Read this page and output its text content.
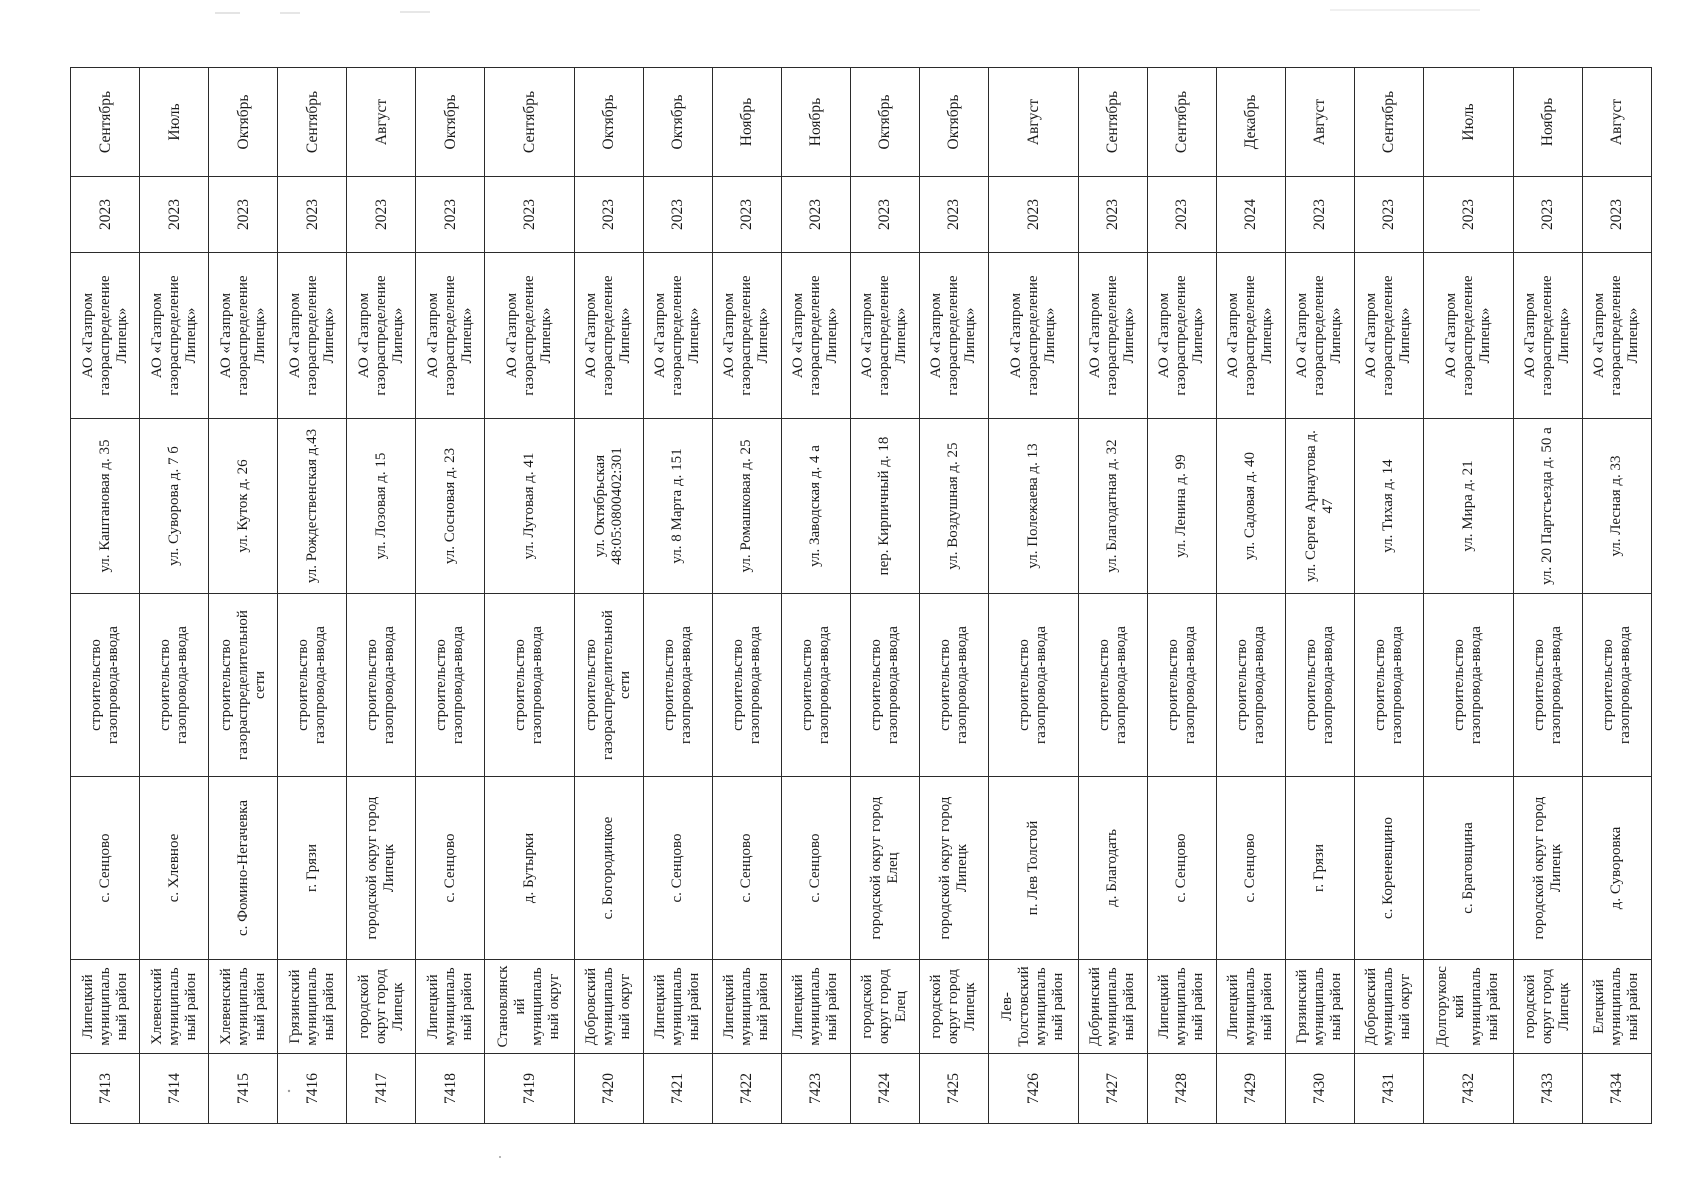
7413	Липецкий муниципальный район	с. Сенцово	строительство газопровода-ввода	ул. Каштановая д. 35	АО «Газпром газораспределение Липецк»	2023	Сентябрь
7414	Хлевенский муниципальный район	с. Хлевное	строительство газопровода-ввода	ул. Суворова д. 7 б	АО «Газпром газораспределение Липецк»	2023	Июль
7415	Хлевенский муниципальный район	с. Фомино-Негачевка	строительство газораспределительной сети	ул. Куток д. 26	АО «Газпром газораспределение Липецк»	2023	Октябрь
7416	Грязинский муниципальный район	г. Грязи	строительство газопровода-ввода	ул. Рождественская д.43	АО «Газпром газораспределение Липецк»	2023	Сентябрь
7417	городской округ город Липецк	городской округ город Липецк	строительство газопровода-ввода	ул. Лозовая д. 15	АО «Газпром газораспределение Липецк»	2023	Август
7418	Липецкий муниципальный район	с. Сенцово	строительство газопровода-ввода	ул. Сосновая д. 23	АО «Газпром газораспределение Липецк»	2023	Октябрь
7419	Становлянский муниципальный округ	д. Бутырки	строительство газопровода-ввода	ул. Луговая д. 41	АО «Газпром газораспределение Липецк»	2023	Сентябрь
7420	Добровский муниципальный округ	с. Богородицкое	строительство газораспределительной сети	ул. Октябрьская 48:05:0800402:301	АО «Газпром газораспределение Липецк»	2023	Октябрь
7421	Липецкий муниципальный район	с. Сенцово	строительство газопровода-ввода	ул. 8 Марта д. 151	АО «Газпром газораспределение Липецк»	2023	Октябрь
7422	Липецкий муниципальный район	с. Сенцово	строительство газопровода-ввода	ул. Ромашковая д. 25	АО «Газпром газораспределение Липецк»	2023	Ноябрь
7423	Липецкий муниципальный район	с. Сенцово	строительство газопровода-ввода	ул. Заводская д. 4 а	АО «Газпром газораспределение Липецк»	2023	Ноябрь
7424	городской округ город Елец	городской округ город Елец	строительство газопровода-ввода	пер. Кирпичный д. 18	АО «Газпром газораспределение Липецк»	2023	Октябрь
7425	городской округ город Липецк	городской округ город Липецк	строительство газопровода-ввода	ул. Воздушная д. 25	АО «Газпром газораспределение Липецк»	2023	Октябрь
7426	Лев-Толстовский муниципальный район	п. Лев Толстой	строительство газопровода-ввода	ул. Полежаева д. 13	АО «Газпром газораспределение Липецк»	2023	Август
7427	Добринский муниципальный район	д. Благодать	строительство газопровода-ввода	ул. Благодатная д. 32	АО «Газпром газораспределение Липецк»	2023	Сентябрь
7428	Липецкий муниципальный район	с. Сенцово	строительство газопровода-ввода	ул. Ленина д. 99	АО «Газпром газораспределение Липецк»	2023	Сентябрь
7429	Липецкий муниципальный район	с. Сенцово	строительство газопровода-ввода	ул. Садовая д. 40	АО «Газпром газораспределение Липецк»	2024	Декабрь
7430	Грязинский муниципальный район	г. Грязи	строительство газопровода-ввода	ул. Сергея Арнаутова д. 47	АО «Газпром газораспределение Липецк»	2023	Август
7431	Добровский муниципальный округ	с. Кореневщино	строительство газопровода-ввода	ул. Тихая д. 14	АО «Газпром газораспределение Липецк»	2023	Сентябрь
7432	Долгоруковский муниципальный район	с. Браговщина	строительство газопровода-ввода	ул. Мира д. 21	АО «Газпром газораспределение Липецк»	2023	Июль
7433	городской округ город Липецк	городской округ город Липецк	строительство газопровода-ввода	ул. 20 Партсъезда д. 50 а	АО «Газпром газораспределение Липецк»	2023	Ноябрь
7434	Елецкий муниципальный район	д. Суворовка	строительство газопровода-ввода	ул. Лесная д. 33	АО «Газпром газораспределение Липецк»	2023	Август
